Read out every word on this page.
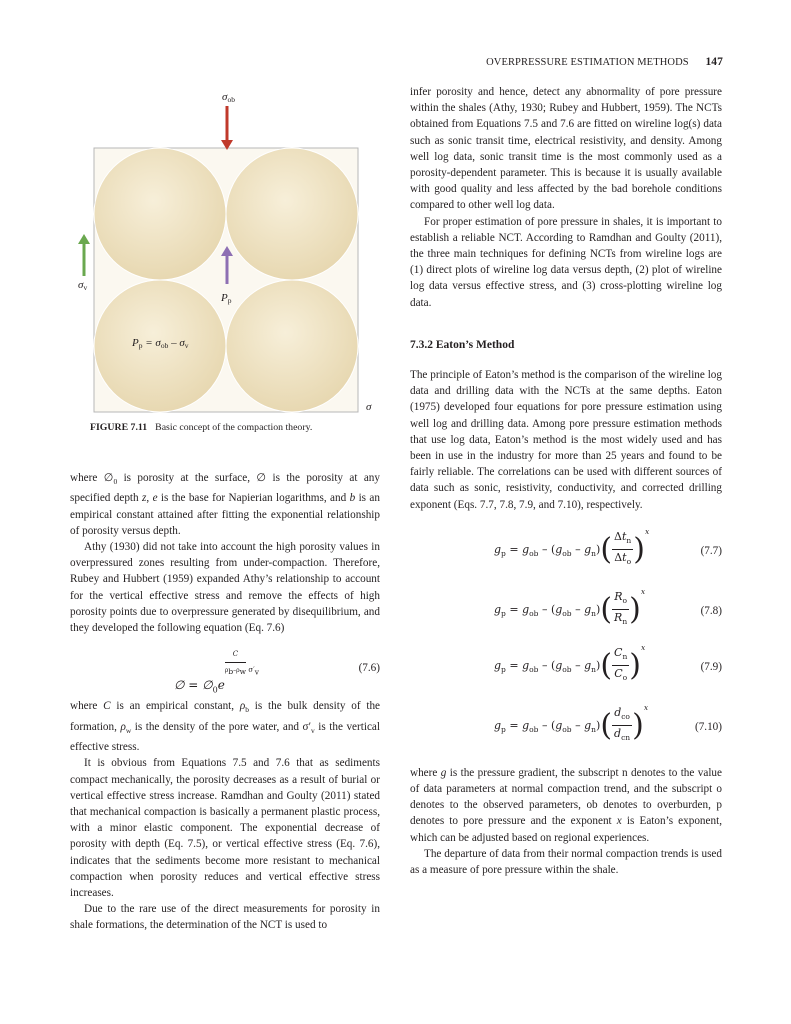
OVERPRESSURE ESTIMATION METHODS 147
σob
σv
Pp
Pp = σob – σv
σ
FIGURE 7.11 Basic concept of the compaction theory.

where $\emptyset_0$ is porosity at the surface, ∅ is the porosity at any specified depth z, e is the base for Napierian logarithms, and b is an empirical constant attained after fitting the exponential relationship of porosity versus depth.

Athy (1930) did not take into account the high porosity values in overpressured zones resulting from under-compaction. Therefore, Rubey and Hubbert (1959) expanded Athy’s relationship to account for the vertical effective stress and remove the effects of high porosity points due to overpressure generated by disequilibrium, and they developed the following equation (Eq. 7.6)

∅ = $\emptyset_0e$
$^{\frac{C}{\rho_b-\rho_w} \sigma'_v}$	(7.6)

where C is an empirical constant, $\rho_b$ is the bulk density of the formation, $\rho_w$ is the density of the pore water, and $\sigma'_v$ is the vertical effective stress.

It is obvious from Equations 7.5 and 7.6 that as sediments compact mechanically, the porosity decreases as a result of burial or vertical effective stress increase. Ramdhan and Goulty (2011) stated that mechanical compaction is basically a permanent plastic process, with a minor elastic component. The exponential decrease of porosity with depth (Eq. 7.5), or vertical effective stress (Eq. 7.6), indicates that the sediments become more resistant to mechanical compaction when porosity reduces and vertical effective stress increases.

Due to the rare use of the direct measurements for porosity in shale formations, the determination of the NCT is used to

infer porosity and hence, detect any abnormality of pore pressure within the shales (Athy, 1930; Rubey and Hubbert, 1959). The NCTs obtained from Equations 7.5 and 7.6 are fitted on wireline log(s) data such as sonic transit time, electrical resistivity, and density. Among well log data, sonic transit time is the most commonly used as a porosity-dependent parameter. This is because it is usually available with good quality and less affected by the bad borehole conditions compared to other well log data.

For proper estimation of pore pressure in shales, it is important to establish a reliable NCT. According to Ramdhan and Goulty (2011), the three main techniques for defining NCTs from wireline logs are (1) direct plots of wireline log data versus depth, (2) plot of wireline log data versus effective stress, and (3) cross-plotting wireline log data.

7.3.2 Eaton’s Method

The principle of Eaton’s method is the comparison of the wireline log data and drilling data with the NCTs at the same depths. Eaton (1975) developed four equations for pore pressure estimation using well log and drilling data. Among pore pressure estimation methods that use log data, Eaton’s method is the most widely used and has been in use in the industry for more than 25 years and found to be fairly reliable. The correlations can be used with different sources of data such as sonic, resistivity, conductivity, and corrected drilling exponent (Eqs. 7.7, 7.8, 7.9, and 7.10), respectively.

$g_p = g_{ob} - (g_{ob} - g_n)( \frac{\Delta t_n}{\Delta t_o} )^x$
(7.7)
$g_p = g_{ob} - (g_{ob} - g_n)( \frac{R_o}{R_n} )^x$
(7.8)
$g_p = g_{ob} - (g_{ob} - g_n)( \frac{C_n}{C_o} )^x$
(7.9)
$g_p = g_{ob} - (g_{ob} - g_n)( \frac{d_{co}}{d_{cn}} )^x$
(7.10)

where g is the pressure gradient, the subscript n denotes to the value of data parameters at normal compaction trend, and the subscript o denotes to the observed parameters, ob denotes to overburden, p denotes to pore pressure and the exponent x is Eaton’s exponent, which can be adjusted based on regional experiences.

The departure of data from their normal compaction trends is used as a measure of pore pressure within the shale.
